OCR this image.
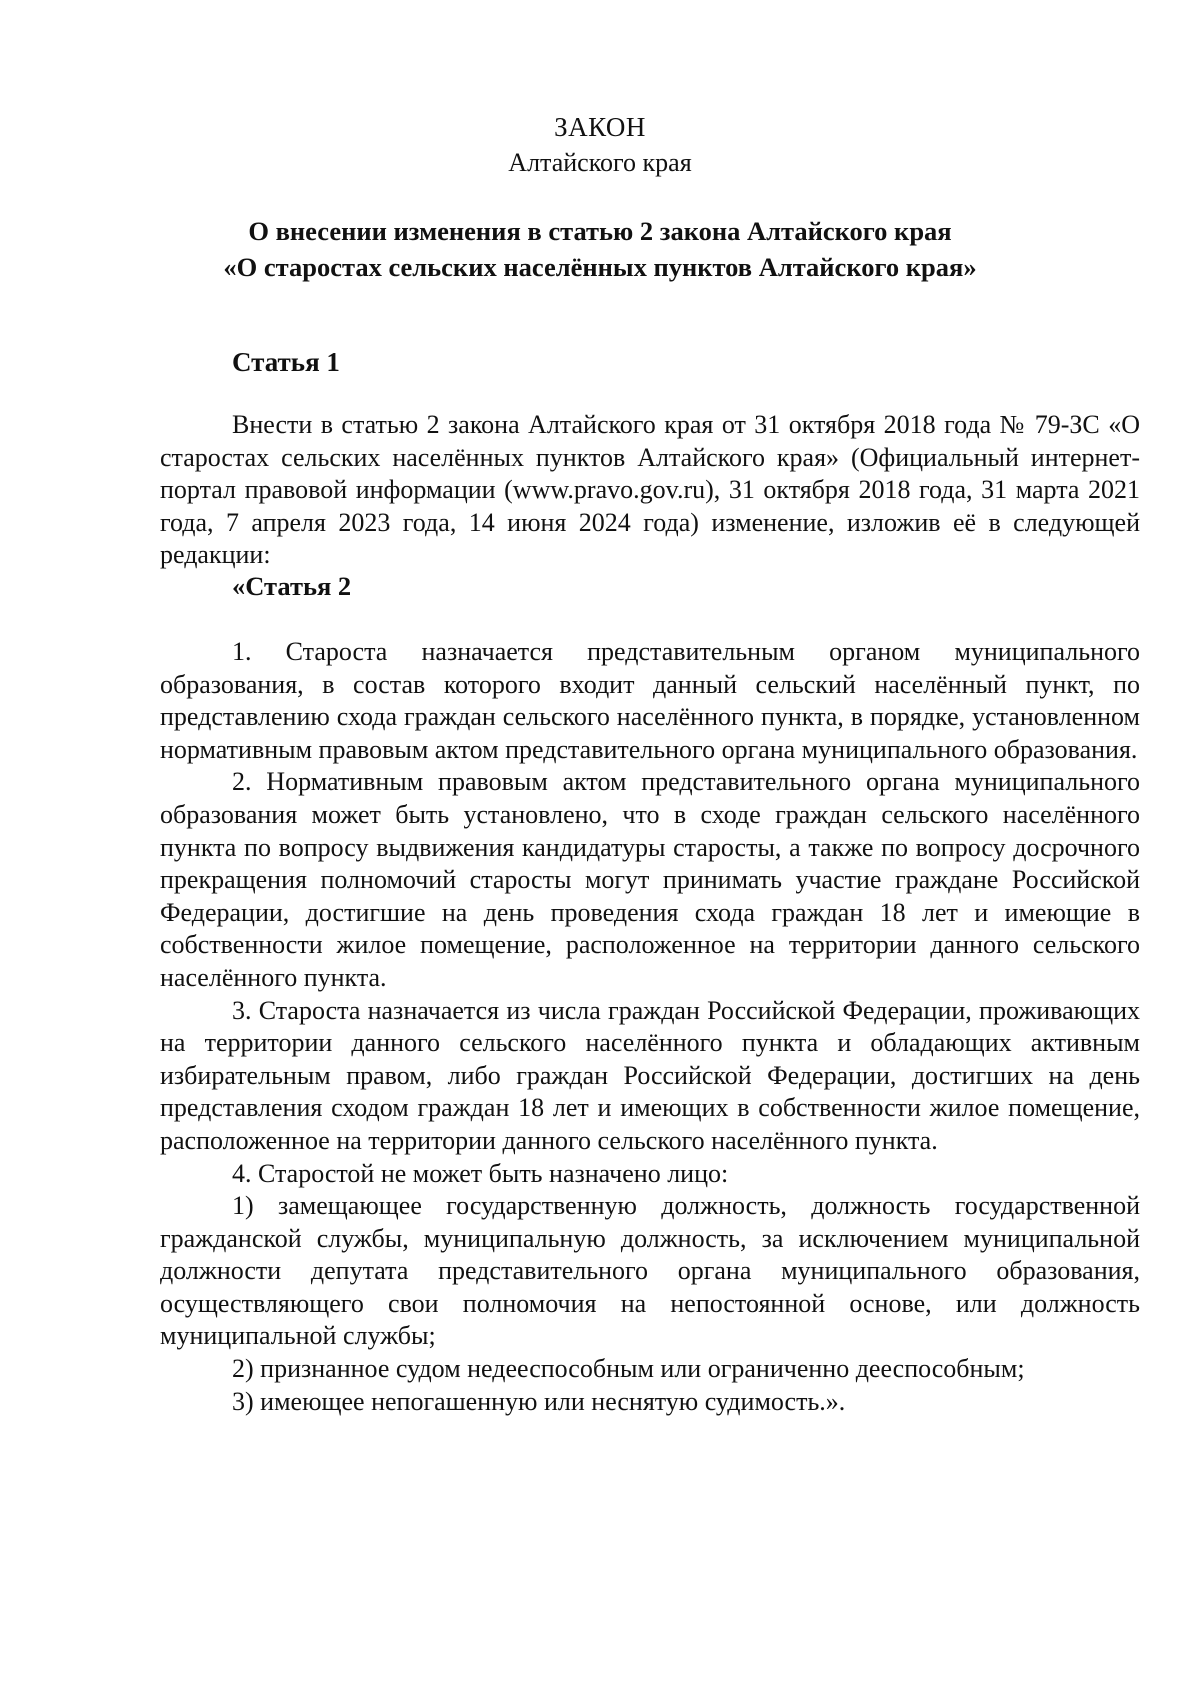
ЗАКОН
Алтайского края
О внесении изменения в статью 2 закона Алтайского края
«О старостах сельских населённых пунктов Алтайского края»
Статья 1

Внести в статью 2 закона Алтайского края от 31 октября 2018 года № 79-ЗС «О старостах сельских населённых пунктов Алтайского края» (Официальный интернет-портал правовой информации (www.pravo.gov.ru), 31 октября 2018 года, 31 марта 2021 года, 7 апреля 2023 года, 14 июня 2024 года) изменение, изложив её в следующей редакции:

«Статья 2

1. Староста назначается представительным органом муниципального образования, в состав которого входит данный сельский населённый пункт, по представлению схода граждан сельского населённого пункта, в порядке, установленном нормативным правовым актом представительного органа муниципального образования.

2. Нормативным правовым актом представительного органа муниципального образования может быть установлено, что в сходе граждан сельского населённого пункта по вопросу выдвижения кандидатуры старосты, а также по вопросу досрочного прекращения полномочий старосты могут принимать участие граждане Российской Федерации, достигшие на день проведения схода граждан 18 лет и имеющие в собственности жилое помещение, расположенное на территории данного сельского населённого пункта.

3. Староста назначается из числа граждан Российской Федерации, проживающих на территории данного сельского населённого пункта и обладающих активным избирательным правом, либо граждан Российской Федерации, достигших на день представления сходом граждан 18 лет и имеющих в собственности жилое помещение, расположенное на территории данного сельского населённого пункта.

4. Старостой не может быть назначено лицо:

1) замещающее государственную должность, должность государственной гражданской службы, муниципальную должность, за исключением муниципальной должности депутата представительного органа муниципального образования, осуществляющего свои полномочия на непостоянной основе, или должность муниципальной службы;

2) признанное судом недееспособным или ограниченно дееспособным;

3) имеющее непогашенную или неснятую судимость.».
